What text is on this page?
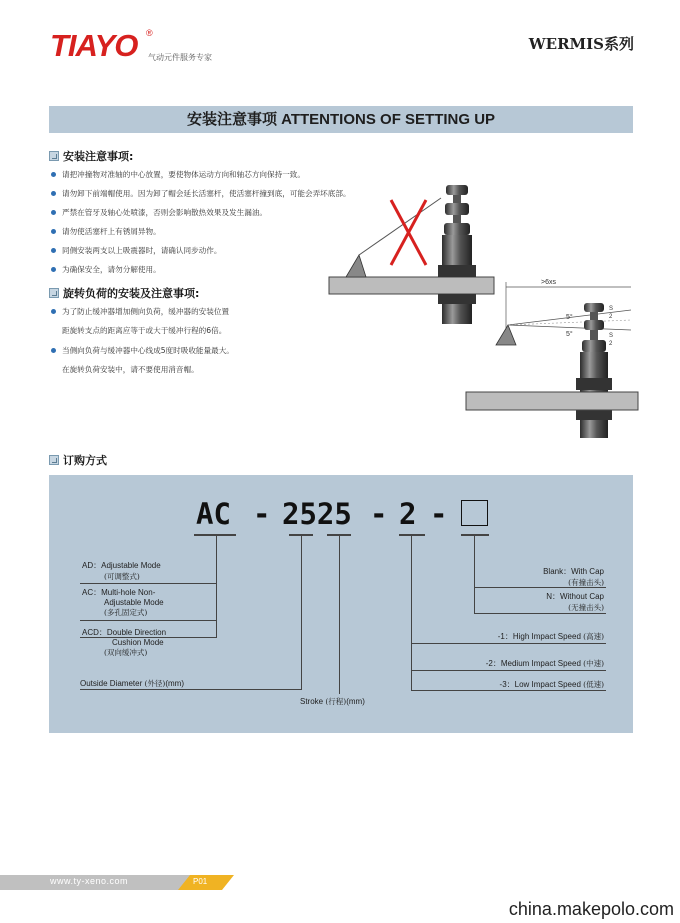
TIAYO ®
气动元件服务专家
WERMIS系列
安装注意事项 ATTENTIONS OF SETTING UP
安装注意事项:
请把冲撞物对准轴的中心放置，要使物体运动方向和轴芯方向保持一致。
请勿卸下前端帽使用。因为卸了帽会延长活塞杆，使活塞杆撞到底，可能会弄坏底部。
严禁在管牙及轴心处喷漆，否则会影响散热效果及发生漏油。
请勿使活塞杆上有锈屑异物。
同侧安装两支以上吸震器时，请确认同步动作。
为确保安全，请勿分解使用。
旋转负荷的安装及注意事项:
为了防止缓冲器增加侧向负荷，缓冲器的安装位置
距旋转支点的距离应等于或大于缓冲行程的6倍。
当侧向负荷与缓冲器中心线成5度时吸收能量最大。
在旋转负荷安装中，请不要使用消音帽。
>6xs
5°
5°
S
2
S
2
订购方式
AC - 2525 - 2 -
AD：Adjustable Mode
(可调整式)
AC：Multi-hole Non-
Adjustable Mode
(多孔固定式)
ACD：Double Direction
Cushion Mode
(双向缓冲式)
Outside Diameter (外径)(mm)
Stroke (行程)(mm)
Blank：With Cap
(有撞击头)
N：Without Cap
(无撞击头)
-1：High Impact Speed (高速)
-2：Medium Impact Speed (中速)
-3：Low Impact Speed (低速)
www.ty-xeno.com	P01
china.makepolo.com
